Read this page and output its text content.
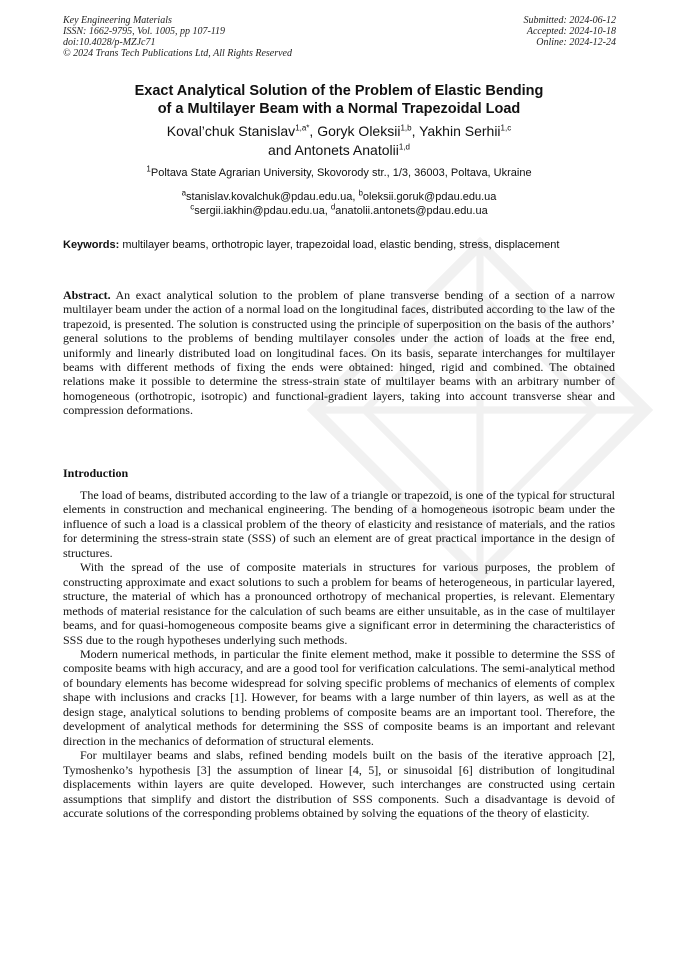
Key Engineering Materials
ISSN: 1662-9795, Vol. 1005, pp 107-119
doi:10.4028/p-MZJc71
© 2024 Trans Tech Publications Ltd, All Rights Reserved
Submitted: 2024-06-12
Accepted: 2024-10-18
Online: 2024-12-24
Exact Analytical Solution of the Problem of Elastic Bending
of a Multilayer Beam with a Normal Trapezoidal Load
Koval’chuk Stanislav$^{1,a*}$, Goryk Oleksii$^{1,b}$, Yakhin Serhii$^{1,c}$
and Antonets Anatolii$^{1,d}$
$^1$Poltava State Agrarian University, Skovorody str., 1/3, 36003, Poltava, Ukraine
$^a$stanislav.kovalchuk@pdau.edu.ua, $^b$oleksii.goruk@pdau.edu.ua
$^c$sergii.iakhin@pdau.edu.ua, $^d$anatolii.antonets@pdau.edu.ua
Keywords: multilayer beams, orthotropic layer, trapezoidal load, elastic bending, stress, displacement
Abstract. An exact analytical solution to the problem of plane transverse bending of a section of a narrow multilayer beam under the action of a normal load on the longitudinal faces, distributed according to the law of the trapezoid, is presented. The solution is constructed using the principle of superposition on the basis of the authors’ general solutions to the problems of bending multilayer consoles under the action of loads at the free end, uniformly and linearly distributed load on longitudinal faces. On its basis, separate interchanges for multilayer beams with different methods of fixing the ends were obtained: hinged, rigid and combined. The obtained relations make it possible to determine the stress-strain state of multilayer beams with an arbitrary number of homogeneous (orthotropic, isotropic) and functional-gradient layers, taking into account transverse shear and compression deformations.
Introduction

The load of beams, distributed according to the law of a triangle or trapezoid, is one of the typical for structural elements in construction and mechanical engineering. The bending of a homogeneous isotropic beam under the influence of such a load is a classical problem of the theory of elasticity and resistance of materials, and the ratios for determining the stress-strain state (SSS) of such an element are of great practical importance in the design of structures.

With the spread of the use of composite materials in structures for various purposes, the problem of constructing approximate and exact solutions to such a problem for beams of heterogeneous, in particular layered, structure, the material of which has a pronounced orthotropy of mechanical properties, is relevant. Elementary methods of material resistance for the calculation of such beams are either unsuitable, as in the case of multilayer beams, and for quasi-homogeneous composite beams give a significant error in determining the characteristics of SSS due to the rough hypotheses underlying such methods.

Modern numerical methods, in particular the finite element method, make it possible to determine the SSS of composite beams with high accuracy, and are a good tool for verification calculations. The semi-analytical method of boundary elements has become widespread for solving specific problems of mechanics of elements of complex shape with inclusions and cracks [1]. However, for beams with a large number of thin layers, as well as at the design stage, analytical solutions to bending problems of composite beams are an important tool. Therefore, the development of analytical methods for determining the SSS of composite beams is an important and relevant direction in the mechanics of deformation of structural elements.

For multilayer beams and slabs, refined bending models built on the basis of the iterative approach [2], Tymoshenko’s hypothesis [3] the assumption of linear [4, 5], or sinusoidal [6] distribution of longitudinal displacements within layers are quite developed. However, such interchanges are constructed using certain assumptions that simplify and distort the distribution of SSS components. Such a disadvantage is devoid of accurate solutions of the corresponding problems obtained by solving the equations of the theory of elasticity.
